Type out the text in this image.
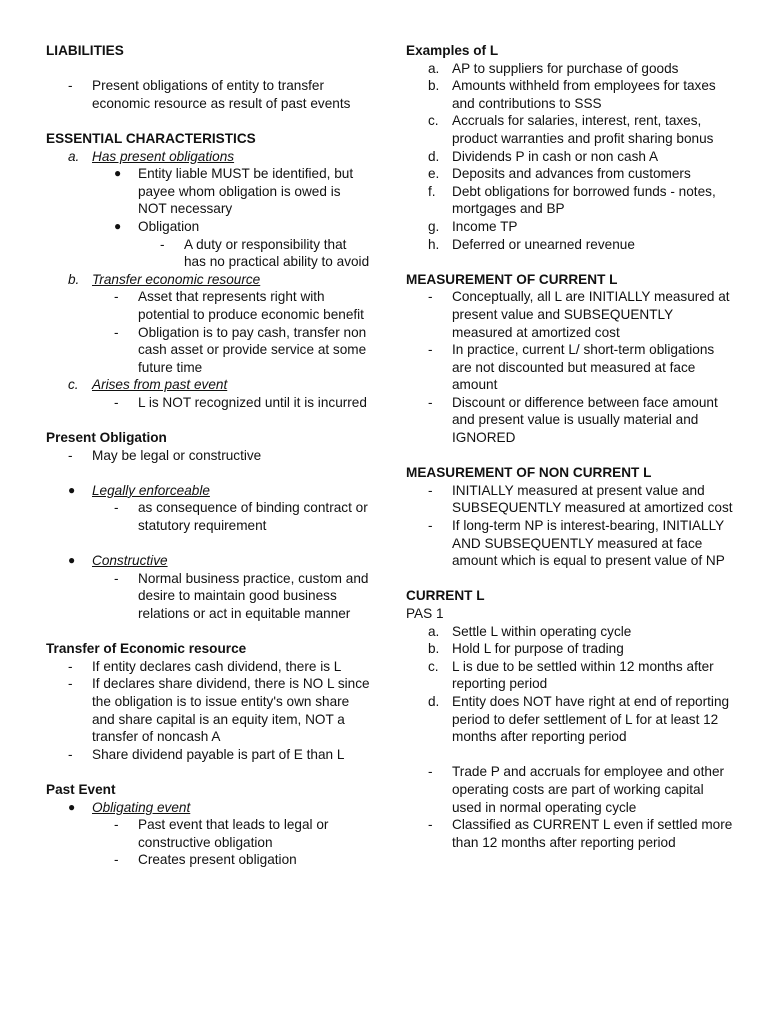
LIABILITIES
- Present obligations of entity to transfer economic resource as result of past events
ESSENTIAL CHARACTERISTICS
a. Has present obligations
● Entity liable MUST be identified, but payee whom obligation is owed is NOT necessary
● Obligation
- A duty or responsibility that has no practical ability to avoid
b. Transfer economic resource
- Asset that represents right with potential to produce economic benefit
- Obligation is to pay cash, transfer non cash asset or provide service at some future time
c. Arises from past event
- L is NOT recognized until it is incurred
Present Obligation
- May be legal or constructive
● Legally enforceable
- as consequence of binding contract or statutory requirement
● Constructive
- Normal business practice, custom and desire to maintain good business relations or act in equitable manner
Transfer of Economic resource
- If entity declares cash dividend, there is L
- If declares share dividend, there is NO L since the obligation is to issue entity's own share and share capital is an equity item, NOT a transfer of noncash A
- Share dividend payable is part of E than L
Past Event
● Obligating event
- Past event that leads to legal or constructive obligation
- Creates present obligation
Examples of L
a. AP to suppliers for purchase of goods
b. Amounts withheld from employees for taxes and contributions to SSS
c. Accruals for salaries, interest, rent, taxes, product warranties and profit sharing bonus
d. Dividends P in cash or non cash A
e. Deposits and advances from customers
f. Debt obligations for borrowed funds - notes, mortgages and BP
g. Income TP
h. Deferred or unearned revenue
MEASUREMENT OF CURRENT L
- Conceptually, all L are INITIALLY measured at present value and SUBSEQUENTLY measured at amortized cost
- In practice, current L/ short-term obligations are not discounted but measured at face amount
- Discount or difference between face amount and present value is usually material and IGNORED
MEASUREMENT OF NON CURRENT L
- INITIALLY measured at present value and SUBSEQUENTLY measured at amortized cost
- If long-term NP is interest-bearing, INITIALLY AND SUBSEQUENTLY measured at face amount which is equal to present value of NP
CURRENT L
PAS 1
a. Settle L within operating cycle
b. Hold L for purpose of trading
c. L is due to be settled within 12 months after reporting period
d. Entity does NOT have right at end of reporting period to defer settlement of L for at least 12 months after reporting period
- Trade P and accruals for employee and other operating costs are part of working capital used in normal operating cycle
- Classified as CURRENT L even if settled more than 12 months after reporting period
